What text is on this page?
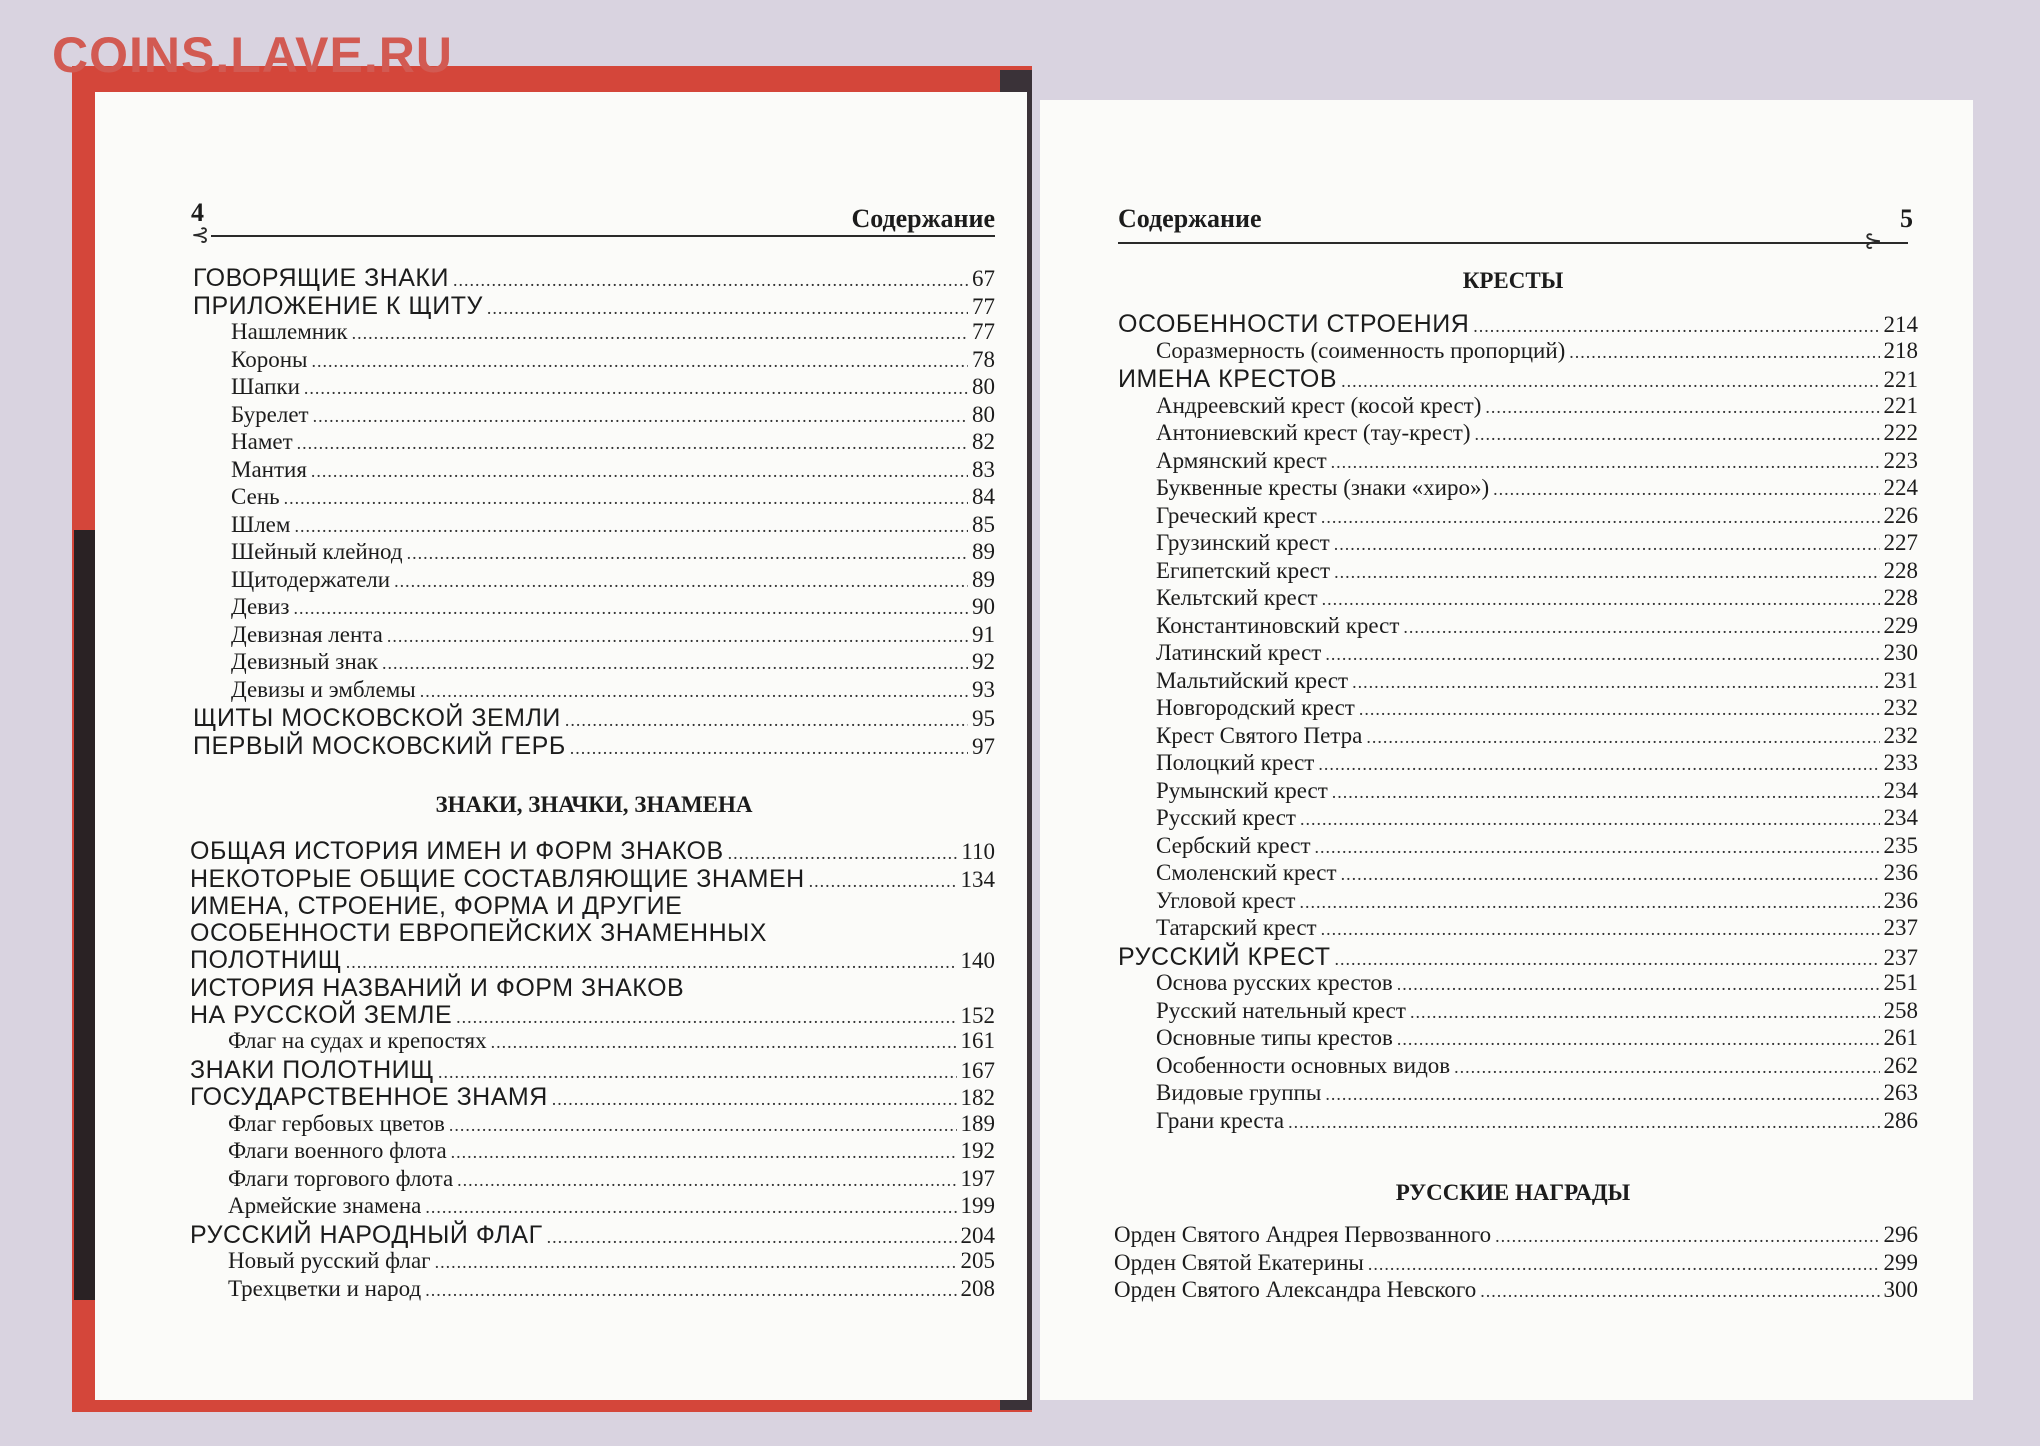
COINS.LAVE.RU
4	Содержание
⊰
ГОВОРЯЩИЕ ЗНАКИ .....	67
ПРИЛОЖЕНИЕ К ЩИТУ .....	77
Нашлемник .....	77
Короны .....	78
Шапки .....	80
Бурелет .....	80
Намет .....	82
Мантия .....	83
Сень .....	84
Шлем .....	85
Шейный клейнод .....	89
Щитодержатели .....	89
Девиз .....	90
Девизная лента .....	91
Девизный знак .....	92
Девизы и эмблемы .....	93
ЩИТЫ МОСКОВСКОЙ ЗЕМЛИ .....	95
ПЕРВЫЙ МОСКОВСКИЙ ГЕРБ .....	97
ЗНАКИ, ЗНАЧКИ, ЗНАМЕНА
ОБЩАЯ ИСТОРИЯ ИМЕН И ФОРМ ЗНАКОВ .....	110
НЕКОТОРЫЕ ОБЩИЕ СОСТАВЛЯЮЩИЕ ЗНАМЕН .....	134
ИМЕНА, СТРОЕНИЕ, ФОРМА И ДРУГИЕ
ОСОБЕННОСТИ ЕВРОПЕЙСКИХ ЗНАМЕННЫХ
ПОЛОТНИЩ .....	140
ИСТОРИЯ НАЗВАНИЙ И ФОРМ ЗНАКОВ
НА РУССКОЙ ЗЕМЛЕ .....	152
Флаг на судах и крепостях .....	161
ЗНАКИ ПОЛОТНИЩ .....	167
ГОСУДАРСТВЕННОЕ ЗНАМЯ .....	182
Флаг гербовых цветов .....	189
Флаги военного флота .....	192
Флаги торгового флота .....	197
Армейские знамена .....	199
РУССКИЙ НАРОДНЫЙ ФЛАГ .....	204
Новый русский флаг .....	205
Трехцветки и народ .....	208
Содержание	5
⊱
КРЕСТЫ
ОСОБЕННОСТИ СТРОЕНИЯ .....	214
Соразмерность (соименность пропорций) .....	218
ИМЕНА КРЕСТОВ .....	221
Андреевский крест (косой крест) .....	221
Антониевский крест (тау-крест) .....	222
Армянский крест .....	223
Буквенные кресты (знаки «хиро») .....	224
Греческий крест .....	226
Грузинский крест .....	227
Египетский крест .....	228
Кельтский крест .....	228
Константиновский крест .....	229
Латинский крест .....	230
Мальтийский крест .....	231
Новгородский крест .....	232
Крест Святого Петра .....	232
Полоцкий крест .....	233
Румынский крест .....	234
Русский крест .....	234
Сербский крест .....	235
Смоленский крест .....	236
Угловой крест .....	236
Татарский крест .....	237
РУССКИЙ КРЕСТ .....	237
Основа русских крестов .....	251
Русский нательный крест .....	258
Основные типы крестов .....	261
Особенности основных видов .....	262
Видовые группы .....	263
Грани креста .....	286
РУССКИЕ НАГРАДЫ
Орден Святого Андрея Первозванного .....	296
Орден Святой Екатерины .....	299
Орден Святого Александра Невского .....	300
